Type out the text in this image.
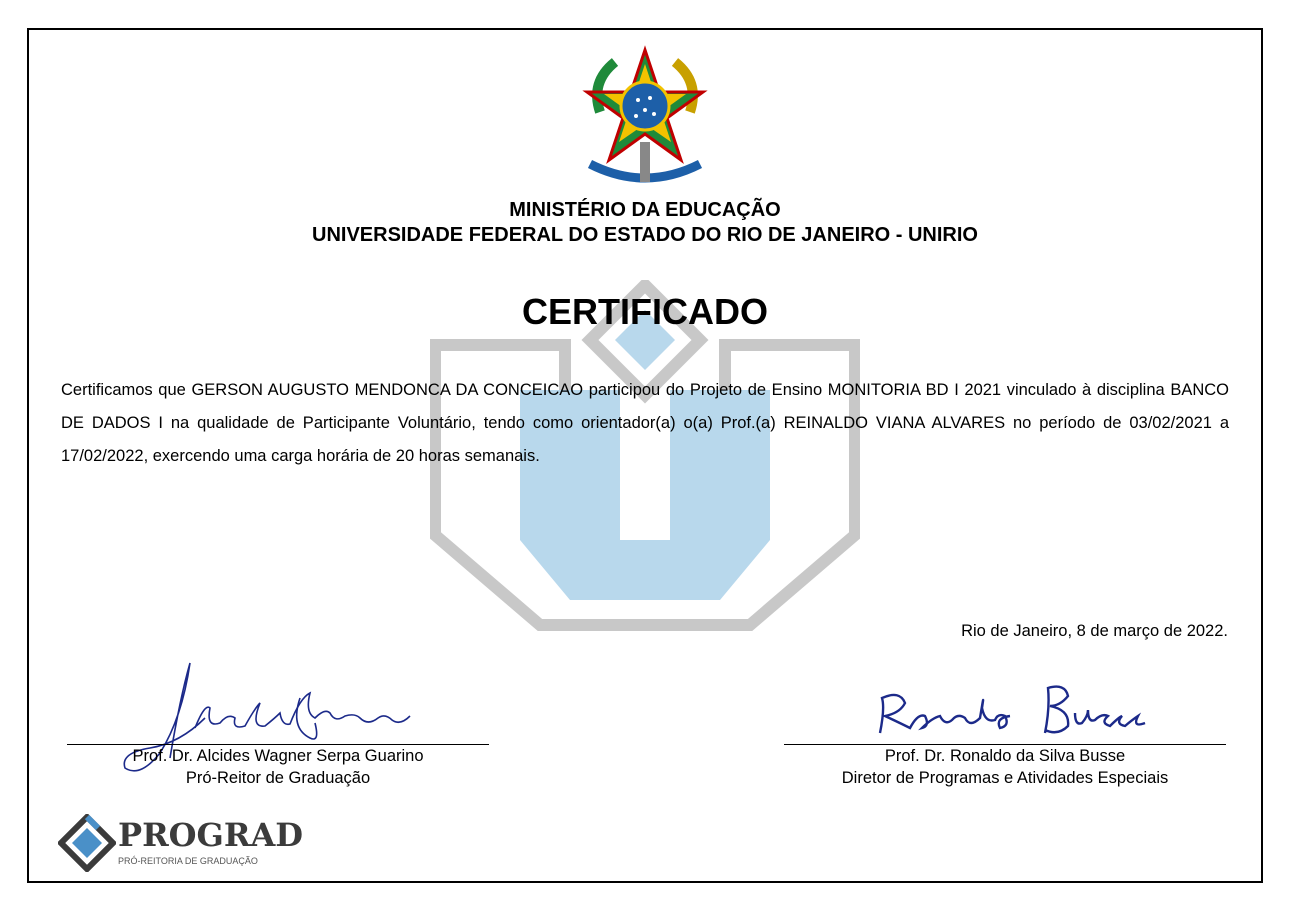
MINISTÉRIO DA EDUCAÇÃO
UNIVERSIDADE FEDERAL DO ESTADO DO RIO DE JANEIRO - UNIRIO
CERTIFICADO
Certificamos que GERSON AUGUSTO MENDONCA DA CONCEICAO participou do Projeto de Ensino MONITORIA BD I 2021 vinculado à disciplina BANCO DE DADOS I na qualidade de Participante Voluntário, tendo como orientador(a) o(a) Prof.(a) REINALDO VIANA ALVARES no período de 03/02/2021 a 17/02/2022, exercendo uma carga horária de 20 horas semanais.
Rio de Janeiro, 8 de março de 2022.
Prof. Dr. Alcides Wagner Serpa Guarino
Pró-Reitor de Graduação
Prof. Dr. Ronaldo da Silva Busse
Diretor de Programas e Atividades Especiais
PROGRAD
PRÓ-REITORIA DE GRADUAÇÃO
